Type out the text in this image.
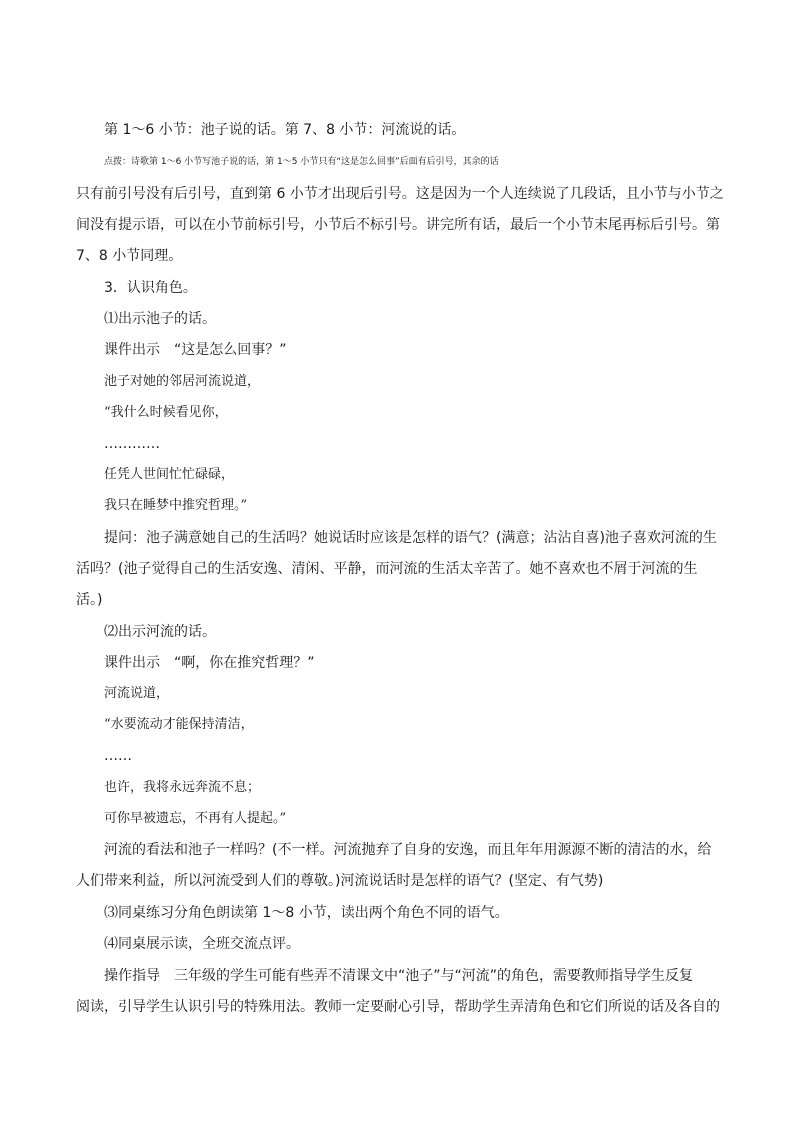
第 1～6 小节：池子说的话。第 7、8 小节：河流说的话。
点拨：诗歌第 1～6 小节写池子说的话，第 1～5 小节只有“这是怎么回事”后面有后引号，其余的话
只有前引号没有后引号，直到第 6 小节才出现后引号。这是因为一个人连续说了几段话，且小节与小节之
间没有提示语，可以在小节前标引号，小节后不标引号。讲完所有话，最后一个小节末尾再标后引号。第
7、8 小节同理。
3．认识角色。
⑴出示池子的话。
课件出示　“这是怎么回事？”
池子对她的邻居河流说道，
“我什么时候看见你，
…………
任凭人世间忙忙碌碌，
我只在睡梦中推究哲理。”
提问：池子满意她自己的生活吗？她说话时应该是怎样的语气？(满意；沾沾自喜)池子喜欢河流的生
活吗？(池子觉得自己的生活安逸、清闲、平静，而河流的生活太辛苦了。她不喜欢也不屑于河流的生
活。)
⑵出示河流的话。
课件出示　“啊，你在推究哲理？”
河流说道，
“水要流动才能保持清洁，
……
也许，我将永远奔流不息；
可你早被遗忘，不再有人提起。”
河流的看法和池子一样吗？(不一样。河流抛弃了自身的安逸，而且年年用源源不断的清洁的水，给
人们带来利益，所以河流受到人们的尊敬。)河流说话时是怎样的语气？(坚定、有气势)
⑶同桌练习分角色朗读第 1～8 小节，读出两个角色不同的语气。
⑷同桌展示读，全班交流点评。
操作指导　三年级的学生可能有些弄不清课文中“池子”与“河流”的角色，需要教师指导学生反复
阅读，引导学生认识引号的特殊用法。教师一定要耐心引导，帮助学生弄清角色和它们所说的话及各自的
